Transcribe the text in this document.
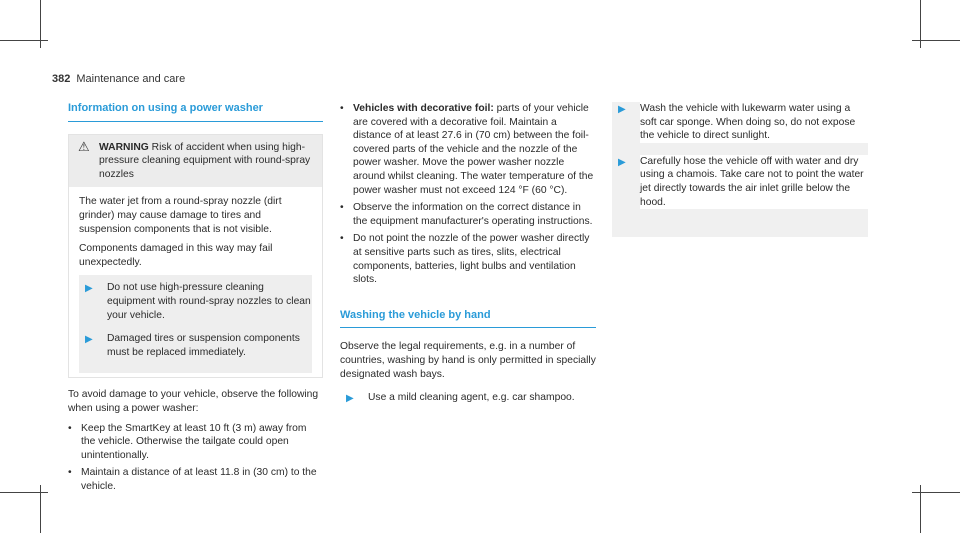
382 Maintenance and care
Information on using a power washer
⚠ WARNING Risk of accident when using high-pressure cleaning equipment with round-spray nozzles

The water jet from a round-spray nozzle (dirt grinder) may cause damage to tires and suspension components that is not visible.

Components damaged in this way may fail unexpectedly.

▶ Do not use high-pressure cleaning equipment with round-spray nozzles to clean your vehicle.
▶ Damaged tires or suspension components must be replaced immediately.

To avoid damage to your vehicle, observe the following when using a power washer:

• Keep the SmartKey at least 10 ft (3 m) away from the vehicle. Otherwise the tailgate could open unintentionally.
• Maintain a distance of at least 11.8 in (30 cm) to the vehicle.
• Vehicles with decorative foil: parts of your vehicle are covered with a decorative foil. Maintain a distance of at least 27.6 in (70 cm) between the foil-covered parts of the vehicle and the nozzle of the power washer. Move the power washer nozzle around whilst cleaning. The water temperature of the power washer must not exceed 124 °F (60 °C).
• Observe the information on the correct distance in the equipment manufacturer's operating instructions.
• Do not point the nozzle of the power washer directly at sensitive parts such as tires, slits, electrical components, batteries, light bulbs and ventilation slots.
Washing the vehicle by hand

Observe the legal requirements, e.g. in a number of countries, washing by hand is only permitted in specially designated wash bays.

▶ Use a mild cleaning agent, e.g. car shampoo.
▶ Wash the vehicle with lukewarm water using a soft car sponge. When doing so, do not expose the vehicle to direct sunlight.
▶ Carefully hose the vehicle off with water and dry using a chamois. Take care not to point the water jet directly towards the air inlet grille below the hood.
